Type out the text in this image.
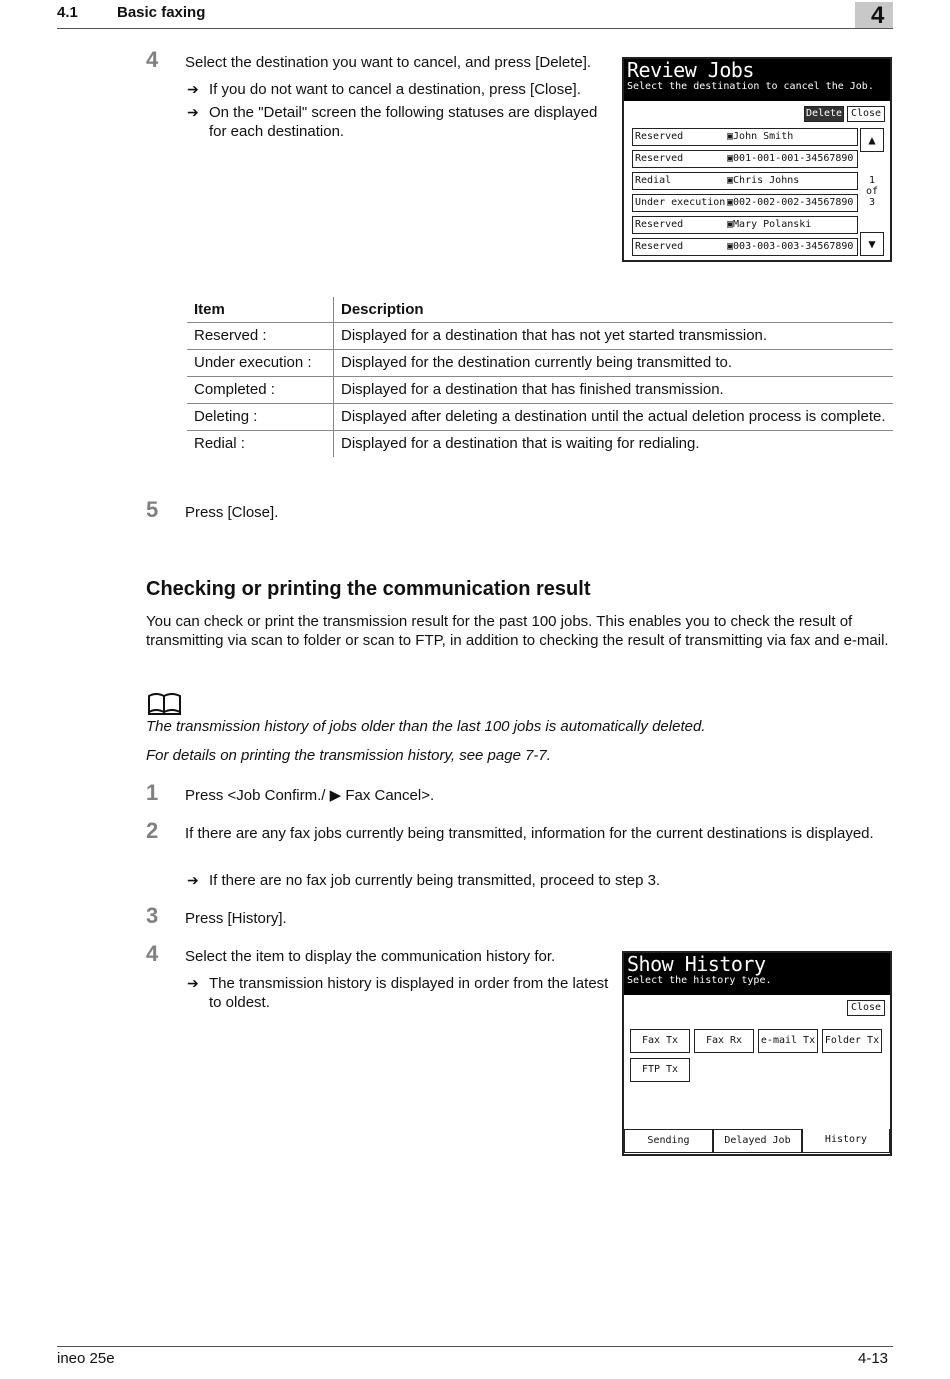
4.1	Basic faxing	4
4 Select the destination you want to cancel, and press [Delete].
➔ If you do not want to cancel a destination, press [Close].
➔ On the "Detail" screen the following statuses are displayed for each destination.
Review Jobs
Select the destination to cancel the Job.
Delete Close
Reserved	▣John Smith
Reserved	▣001-001-001-34567890
Redial	▣Chris Johns
Under execution ▣002-002-002-34567890
Reserved	▣Mary Polanski
Reserved	▣003-003-003-34567890
▲
1
of
3
▼
Item	Description
Reserved :	Displayed for a destination that has not yet started transmission.
Under execution :	Displayed for the destination currently being transmitted to.
Completed :	Displayed for a destination that has finished transmission.
Deleting :	Displayed after deleting a destination until the actual deletion process is complete.
Redial :	Displayed for a destination that is waiting for redialing.
5 Press [Close].
Checking or printing the communication result
You can check or print the transmission result for the past 100 jobs. This enables you to check the result of transmitting via scan to folder or scan to FTP, in addition to checking the result of transmitting via fax and e-mail.
The transmission history of jobs older than the last 100 jobs is automatically deleted.
For details on printing the transmission history, see page 7-7.
1 Press <Job Confirm./ ▶ Fax Cancel>.
2 If there are any fax jobs currently being transmitted, information for the current destinations is displayed.
➔ If there are no fax job currently being transmitted, proceed to step 3.
3 Press [History].
4 Select the item to display the communication history for.
➔ The transmission history is displayed in order from the latest to oldest.
Show History
Select the history type.
Close
Fax Tx	Fax Rx	e-mail Tx Folder Tx
FTP Tx
Sending	Delayed Job	History
ineo 25e	4-13
